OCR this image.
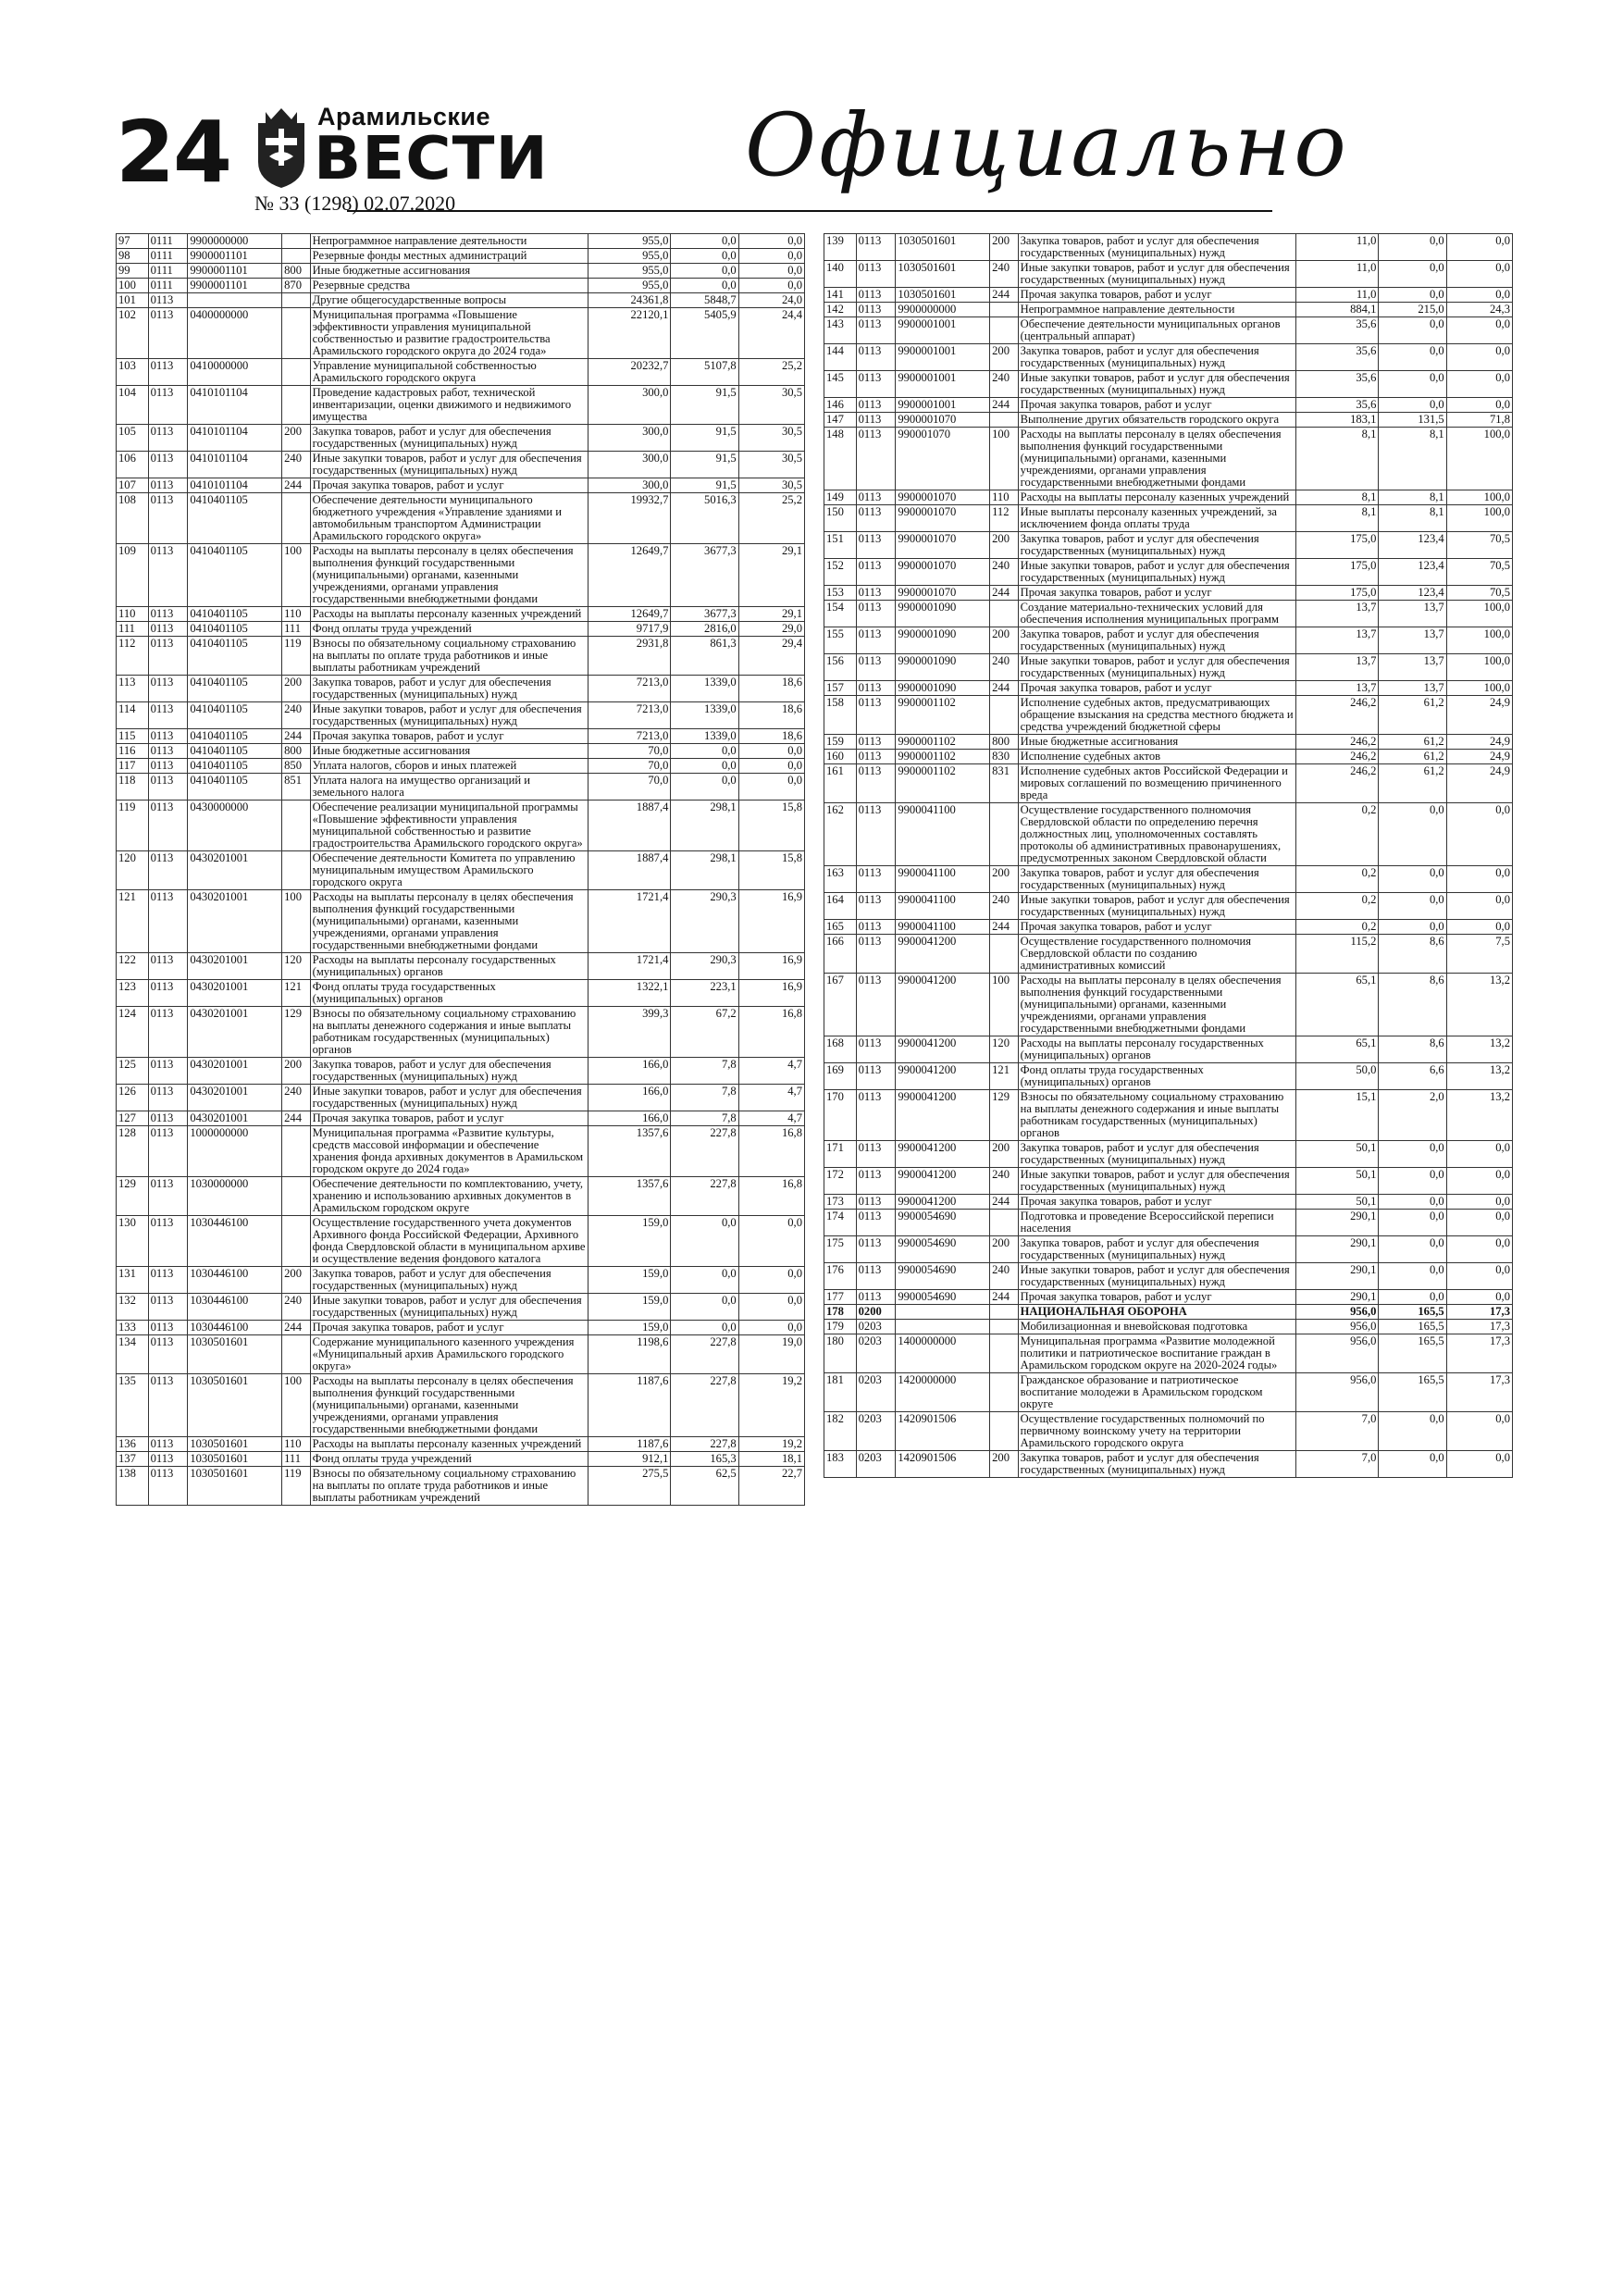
24	Арамильские
ВЕСТИ
№ 33 (1298) 02.07.2020
Официально
97	0111	9900000000		Непрограммное направление деятельности	955,0	0,0	0,0
98	0111	9900001101		Резервные фонды местных администраций	955,0	0,0	0,0
99	0111	9900001101	800	Иные бюджетные ассигнования	955,0	0,0	0,0
100	0111	9900001101	870	Резервные средства	955,0	0,0	0,0
101	0113			Другие общегосударственные вопросы	24361,8	5848,7	24,0
102	0113	0400000000		Муниципальная программа «Повышение эффективности управления муниципальной собственностью и развитие градостроительства Арамильского городского округа до 2024 года»	22120,1	5405,9	24,4
103	0113	0410000000		Управление муниципальной собственностью Арамильского городского округа	20232,7	5107,8	25,2
104	0113	0410101104		Проведение кадастровых работ, технической инвентаризации, оценки движимого и недвижимого имущества	300,0	91,5	30,5
105	0113	0410101104	200	Закупка товаров, работ и услуг для обеспечения государственных (муниципальных) нужд	300,0	91,5	30,5
106	0113	0410101104	240	Иные закупки товаров, работ и услуг для обеспечения государственных (муниципальных) нужд	300,0	91,5	30,5
107	0113	0410101104	244	Прочая закупка товаров, работ и услуг	300,0	91,5	30,5
108	0113	0410401105		Обеспечение деятельности муниципального бюджетного учреждения «Управление зданиями и автомобильным транспортом Администрации Арамильского городского округа»	19932,7	5016,3	25,2
109	0113	0410401105	100	Расходы на выплаты персоналу в целях обеспечения выполнения функций государственными (муниципальными) органами, казенными учреждениями, органами управления государственными внебюджетными фондами	12649,7	3677,3	29,1
110	0113	0410401105	110	Расходы на выплаты персоналу казенных учреждений	12649,7	3677,3	29,1
111	0113	0410401105	111	Фонд оплаты труда учреждений	9717,9	2816,0	29,0
112	0113	0410401105	119	Взносы по обязательному социальному страхованию на выплаты по оплате труда работников и иные выплаты работникам учреждений	2931,8	861,3	29,4
113	0113	0410401105	200	Закупка товаров, работ и услуг для обеспечения государственных (муниципальных) нужд	7213,0	1339,0	18,6
114	0113	0410401105	240	Иные закупки товаров, работ и услуг для обеспечения государственных (муниципальных) нужд	7213,0	1339,0	18,6
115	0113	0410401105	244	Прочая закупка товаров, работ и услуг	7213,0	1339,0	18,6
116	0113	0410401105	800	Иные бюджетные ассигнования	70,0	0,0	0,0
117	0113	0410401105	850	Уплата налогов, сборов и иных платежей	70,0	0,0	0,0
118	0113	0410401105	851	Уплата налога на имущество организаций и земельного налога	70,0	0,0	0,0
119	0113	0430000000		Обеспечение реализации муниципальной программы «Повышение эффективности управления муниципальной собственностью и развитие градостроительства Арамильского городского округа»	1887,4	298,1	15,8
120	0113	0430201001		Обеспечение деятельности Комитета по управлению муниципальным имуществом Арамильского городского округа	1887,4	298,1	15,8
121	0113	0430201001	100	Расходы на выплаты персоналу в целях обеспечения выполнения функций государственными (муниципальными) органами, казенными учреждениями, органами управления государственными внебюджетными фондами	1721,4	290,3	16,9
122	0113	0430201001	120	Расходы на выплаты персоналу государственных (муниципальных) органов	1721,4	290,3	16,9
123	0113	0430201001	121	Фонд оплаты труда государственных (муниципальных) органов	1322,1	223,1	16,9
124	0113	0430201001	129	Взносы по обязательному социальному страхованию на выплаты денежного содержания и иные выплаты работникам государственных (муниципальных) органов	399,3	67,2	16,8
125	0113	0430201001	200	Закупка товаров, работ и услуг для обеспечения государственных (муниципальных) нужд	166,0	7,8	4,7
126	0113	0430201001	240	Иные закупки товаров, работ и услуг для обеспечения государственных (муниципальных) нужд	166,0	7,8	4,7
127	0113	0430201001	244	Прочая закупка товаров, работ и услуг	166,0	7,8	4,7
128	0113	1000000000		Муниципальная программа «Развитие культуры, средств массовой информации и обеспечение хранения фонда архивных документов в Арамильском городском округе до 2024 года»	1357,6	227,8	16,8
129	0113	1030000000		Обеспечение деятельности по комплектованию, учету, хранению и использованию архивных документов в Арамильском городском округе	1357,6	227,8	16,8
130	0113	1030446100		Осуществление государственного учета документов Архивного фонда Российской Федерации, Архивного фонда Свердловской области в муниципальном архиве и осуществление ведения фондового каталога	159,0	0,0	0,0
131	0113	1030446100	200	Закупка товаров, работ и услуг для обеспечения государственных (муниципальных) нужд	159,0	0,0	0,0
132	0113	1030446100	240	Иные закупки товаров, работ и услуг для обеспечения государственных (муниципальных) нужд	159,0	0,0	0,0
133	0113	1030446100	244	Прочая закупка товаров, работ и услуг	159,0	0,0	0,0
134	0113	1030501601		Содержание муниципального казенного учреждения «Муниципальный архив Арамильского городского округа»	1198,6	227,8	19,0
135	0113	1030501601	100	Расходы на выплаты персоналу в целях обеспечения выполнения функций государственными (муниципальными) органами, казенными учреждениями, органами управления государственными внебюджетными фондами	1187,6	227,8	19,2
136	0113	1030501601	110	Расходы на выплаты персоналу казенных учреждений	1187,6	227,8	19,2
137	0113	1030501601	111	Фонд оплаты труда учреждений	912,1	165,3	18,1
138	0113	1030501601	119	Взносы по обязательному социальному страхованию на выплаты по оплате труда работников и иные выплаты работникам учреждений	275,5	62,5	22,7
139	0113	1030501601	200	Закупка товаров, работ и услуг для обеспечения государственных (муниципальных) нужд	11,0	0,0	0,0
140	0113	1030501601	240	Иные закупки товаров, работ и услуг для обеспечения государственных (муниципальных) нужд	11,0	0,0	0,0
141	0113	1030501601	244	Прочая закупка товаров, работ и услуг	11,0	0,0	0,0
142	0113	9900000000		Непрограммное направление деятельности	884,1	215,0	24,3
143	0113	9900001001		Обеспечение деятельности муниципальных органов (центральный аппарат)	35,6	0,0	0,0
144	0113	9900001001	200	Закупка товаров, работ и услуг для обеспечения государственных (муниципальных) нужд	35,6	0,0	0,0
145	0113	9900001001	240	Иные закупки товаров, работ и услуг для обеспечения государственных (муниципальных) нужд	35,6	0,0	0,0
146	0113	9900001001	244	Прочая закупка товаров, работ и услуг	35,6	0,0	0,0
147	0113	9900001070		Выполнение других обязательств городского округа	183,1	131,5	71,8
148	0113	990001070	100	Расходы на выплаты персоналу в целях обеспечения выполнения функций государственными (муниципальными) органами, казенными учреждениями, органами управления государственными внебюджетными фондами	8,1	8,1	100,0
149	0113	9900001070	110	Расходы на выплаты персоналу казенных учреждений	8,1	8,1	100,0
150	0113	9900001070	112	Иные выплаты персоналу казенных учреждений, за исключением фонда оплаты труда	8,1	8,1	100,0
151	0113	9900001070	200	Закупка товаров, работ и услуг для обеспечения государственных (муниципальных) нужд	175,0	123,4	70,5
152	0113	9900001070	240	Иные закупки товаров, работ и услуг для обеспечения государственных (муниципальных) нужд	175,0	123,4	70,5
153	0113	9900001070	244	Прочая закупка товаров, работ и услуг	175,0	123,4	70,5
154	0113	9900001090		Создание материально-технических условий для обеспечения исполнения муниципальных программ	13,7	13,7	100,0
155	0113	9900001090	200	Закупка товаров, работ и услуг для обеспечения государственных (муниципальных) нужд	13,7	13,7	100,0
156	0113	9900001090	240	Иные закупки товаров, работ и услуг для обеспечения государственных (муниципальных) нужд	13,7	13,7	100,0
157	0113	9900001090	244	Прочая закупка товаров, работ и услуг	13,7	13,7	100,0
158	0113	9900001102		Исполнение судебных актов, предусматривающих обращение взыскания на средства местного бюджета и средства учреждений бюджетной сферы	246,2	61,2	24,9
159	0113	9900001102	800	Иные бюджетные ассигнования	246,2	61,2	24,9
160	0113	9900001102	830	Исполнение судебных актов	246,2	61,2	24,9
161	0113	9900001102	831	Исполнение судебных актов Российской Федерации и мировых соглашений по возмещению причиненного вреда	246,2	61,2	24,9
162	0113	9900041100		Осуществление государственного полномочия Свердловской области по определению перечня должностных лиц, уполномоченных составлять протоколы об административных правонарушениях, предусмотренных законом Свердловской области	0,2	0,0	0,0
163	0113	9900041100	200	Закупка товаров, работ и услуг для обеспечения государственных (муниципальных) нужд	0,2	0,0	0,0
164	0113	9900041100	240	Иные закупки товаров, работ и услуг для обеспечения государственных (муниципальных) нужд	0,2	0,0	0,0
165	0113	9900041100	244	Прочая закупка товаров, работ и услуг	0,2	0,0	0,0
166	0113	9900041200		Осуществление государственного полномочия Свердловской области по созданию административных комиссий	115,2	8,6	7,5
167	0113	9900041200	100	Расходы на выплаты персоналу в целях обеспечения выполнения функций государственными (муниципальными) органами, казенными учреждениями, органами управления государственными внебюджетными фондами	65,1	8,6	13,2
168	0113	9900041200	120	Расходы на выплаты персоналу государственных (муниципальных) органов	65,1	8,6	13,2
169	0113	9900041200	121	Фонд оплаты труда государственных (муниципальных) органов	50,0	6,6	13,2
170	0113	9900041200	129	Взносы по обязательному социальному страхованию на выплаты денежного содержания и иные выплаты работникам государственных (муниципальных) органов	15,1	2,0	13,2
171	0113	9900041200	200	Закупка товаров, работ и услуг для обеспечения государственных (муниципальных) нужд	50,1	0,0	0,0
172	0113	9900041200	240	Иные закупки товаров, работ и услуг для обеспечения государственных (муниципальных) нужд	50,1	0,0	0,0
173	0113	9900041200	244	Прочая закупка товаров, работ и услуг	50,1	0,0	0,0
174	0113	9900054690		Подготовка и проведение Всероссийской переписи населения	290,1	0,0	0,0
175	0113	9900054690	200	Закупка товаров, работ и услуг для обеспечения государственных (муниципальных) нужд	290,1	0,0	0,0
176	0113	9900054690	240	Иные закупки товаров, работ и услуг для обеспечения государственных (муниципальных) нужд	290,1	0,0	0,0
177	0113	9900054690	244	Прочая закупка товаров, работ и услуг	290,1	0,0	0,0
178	0200			НАЦИОНАЛЬНАЯ ОБОРОНА	956,0	165,5	17,3
179	0203			Мобилизационная и вневойсковая подготовка	956,0	165,5	17,3
180	0203	1400000000		Муниципальная программа «Развитие молодежной политики и патриотическое воспитание граждан в Арамильском городском округе на 2020-2024 годы»	956,0	165,5	17,3
181	0203	1420000000		Гражданское образование и патриотическое воспитание молодежи в Арамильском городском округе	956,0	165,5	17,3
182	0203	1420901506		Осуществление государственных полномочий по первичному воинскому учету на территории Арамильского городского округа	7,0	0,0	0,0
183	0203	1420901506	200	Закупка товаров, работ и услуг для обеспечения государственных (муниципальных) нужд	7,0	0,0	0,0
